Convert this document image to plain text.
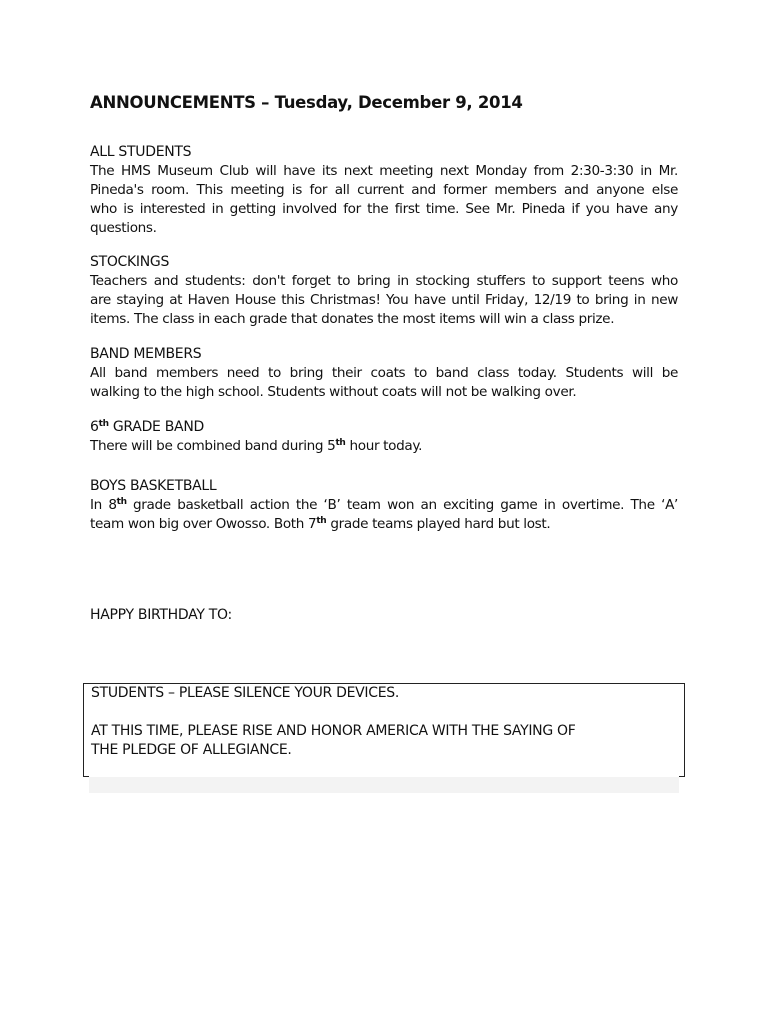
ANNOUNCEMENTS – Tuesday, December 9, 2014
ALL STUDENTS
The HMS Museum Club will have its next meeting next Monday from 2:30-3:30 in Mr.
Pineda's room. This meeting is for all current and former members and anyone else
who is interested in getting involved for the first time. See Mr. Pineda if you have any
questions.
STOCKINGS
Teachers and students: don't forget to bring in stocking stuffers to support teens who
are staying at Haven House this Christmas! You have until Friday, 12/19 to bring in new
items. The class in each grade that donates the most items will win a class prize.
BAND MEMBERS
All band members need to bring their coats to band class today. Students will be
walking to the high school. Students without coats will not be walking over.
6th GRADE BAND
There will be combined band during 5th hour today.
BOYS BASKETBALL
In 8th grade basketball action the ‘B’ team won an exciting game in overtime. The ‘A’
team won big over Owosso. Both 7th grade teams played hard but lost.
HAPPY BIRTHDAY TO:
STUDENTS – PLEASE SILENCE YOUR DEVICES.
AT THIS TIME, PLEASE RISE AND HONOR AMERICA WITH THE SAYING OF
THE PLEDGE OF ALLEGIANCE.
